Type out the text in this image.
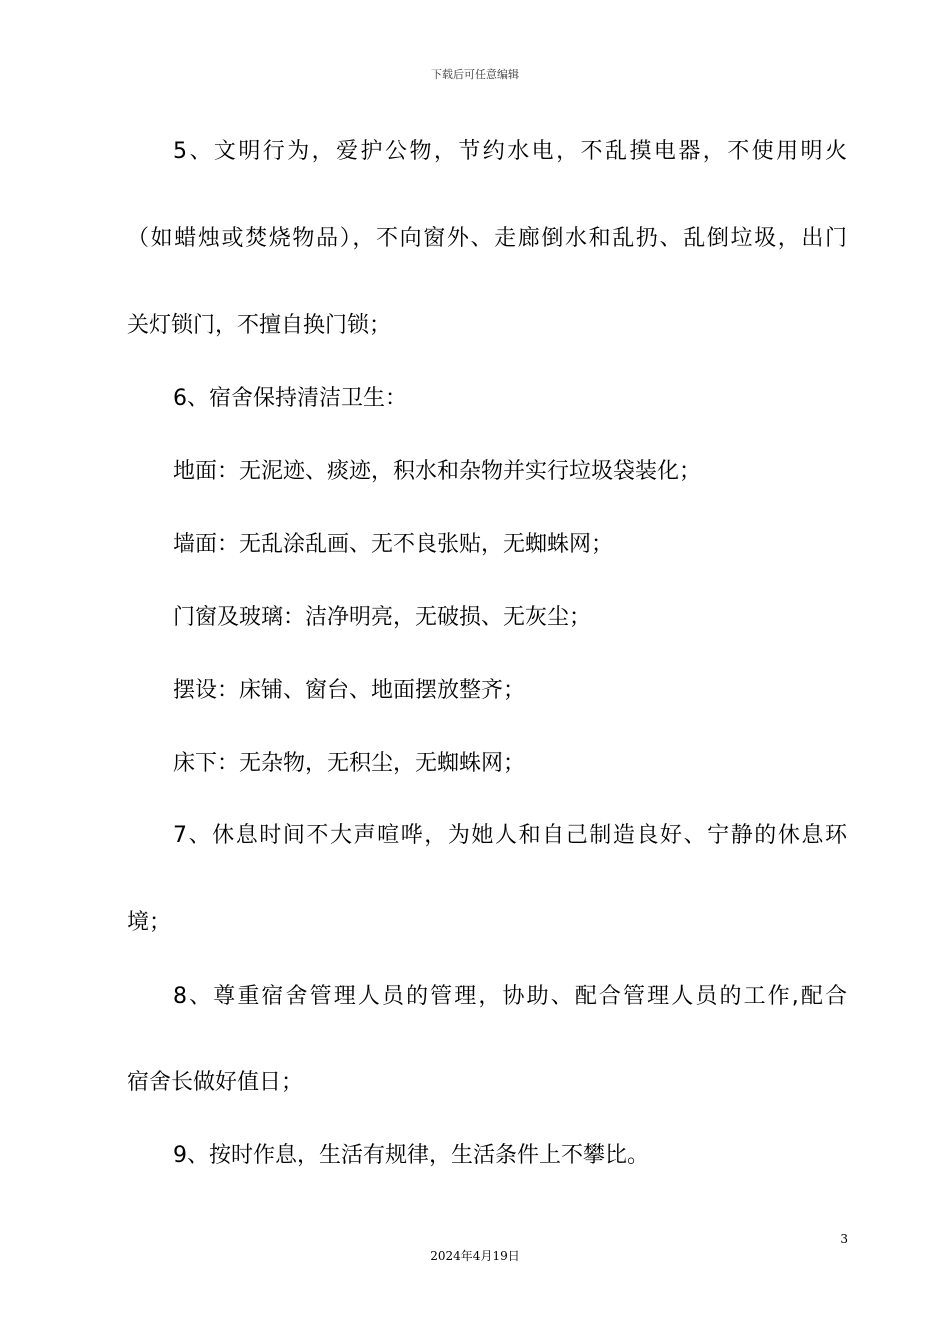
下载后可任意编辑
5、文明行为，爱护公物，节约水电，不乱摸电器，不使用明火
（如蜡烛或焚烧物品），不向窗外、走廊倒水和乱扔、乱倒垃圾，出门
关灯锁门，不擅自换门锁；
6、宿舍保持清洁卫生：
地面：无泥迹、痰迹，积水和杂物并实行垃圾袋装化；
墙面：无乱涂乱画、无不良张贴，无蜘蛛网；
门窗及玻璃：洁净明亮，无破损、无灰尘；
摆设：床铺、窗台、地面摆放整齐；
床下：无杂物，无积尘，无蜘蛛网；
7、休息时间不大声喧哗，为她人和自己制造良好、宁静的休息环
境；
8、尊重宿舍管理人员的管理，协助、配合管理人员的工作,配合
宿舍长做好值日；
9、按时作息，生活有规律，生活条件上不攀比。
3
2024年4月19日
